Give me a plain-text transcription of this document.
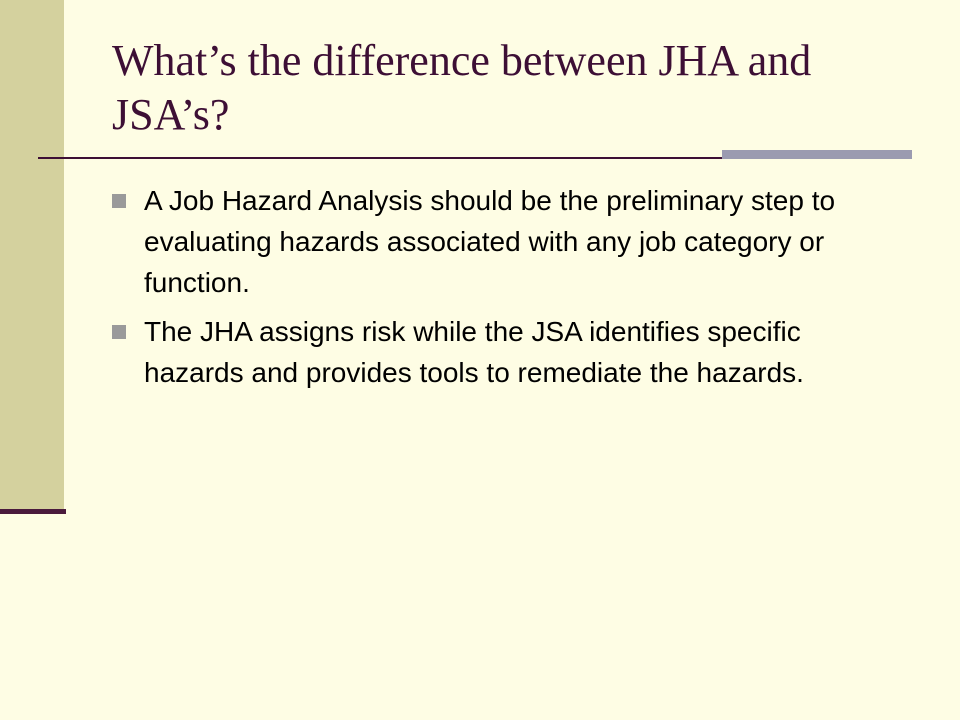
What’s the difference between JHA and JSA’s?
A Job Hazard Analysis should be the preliminary step to evaluating hazards associated with any job category or function.
The JHA assigns risk while the JSA identifies specific hazards and provides tools to remediate the hazards.
